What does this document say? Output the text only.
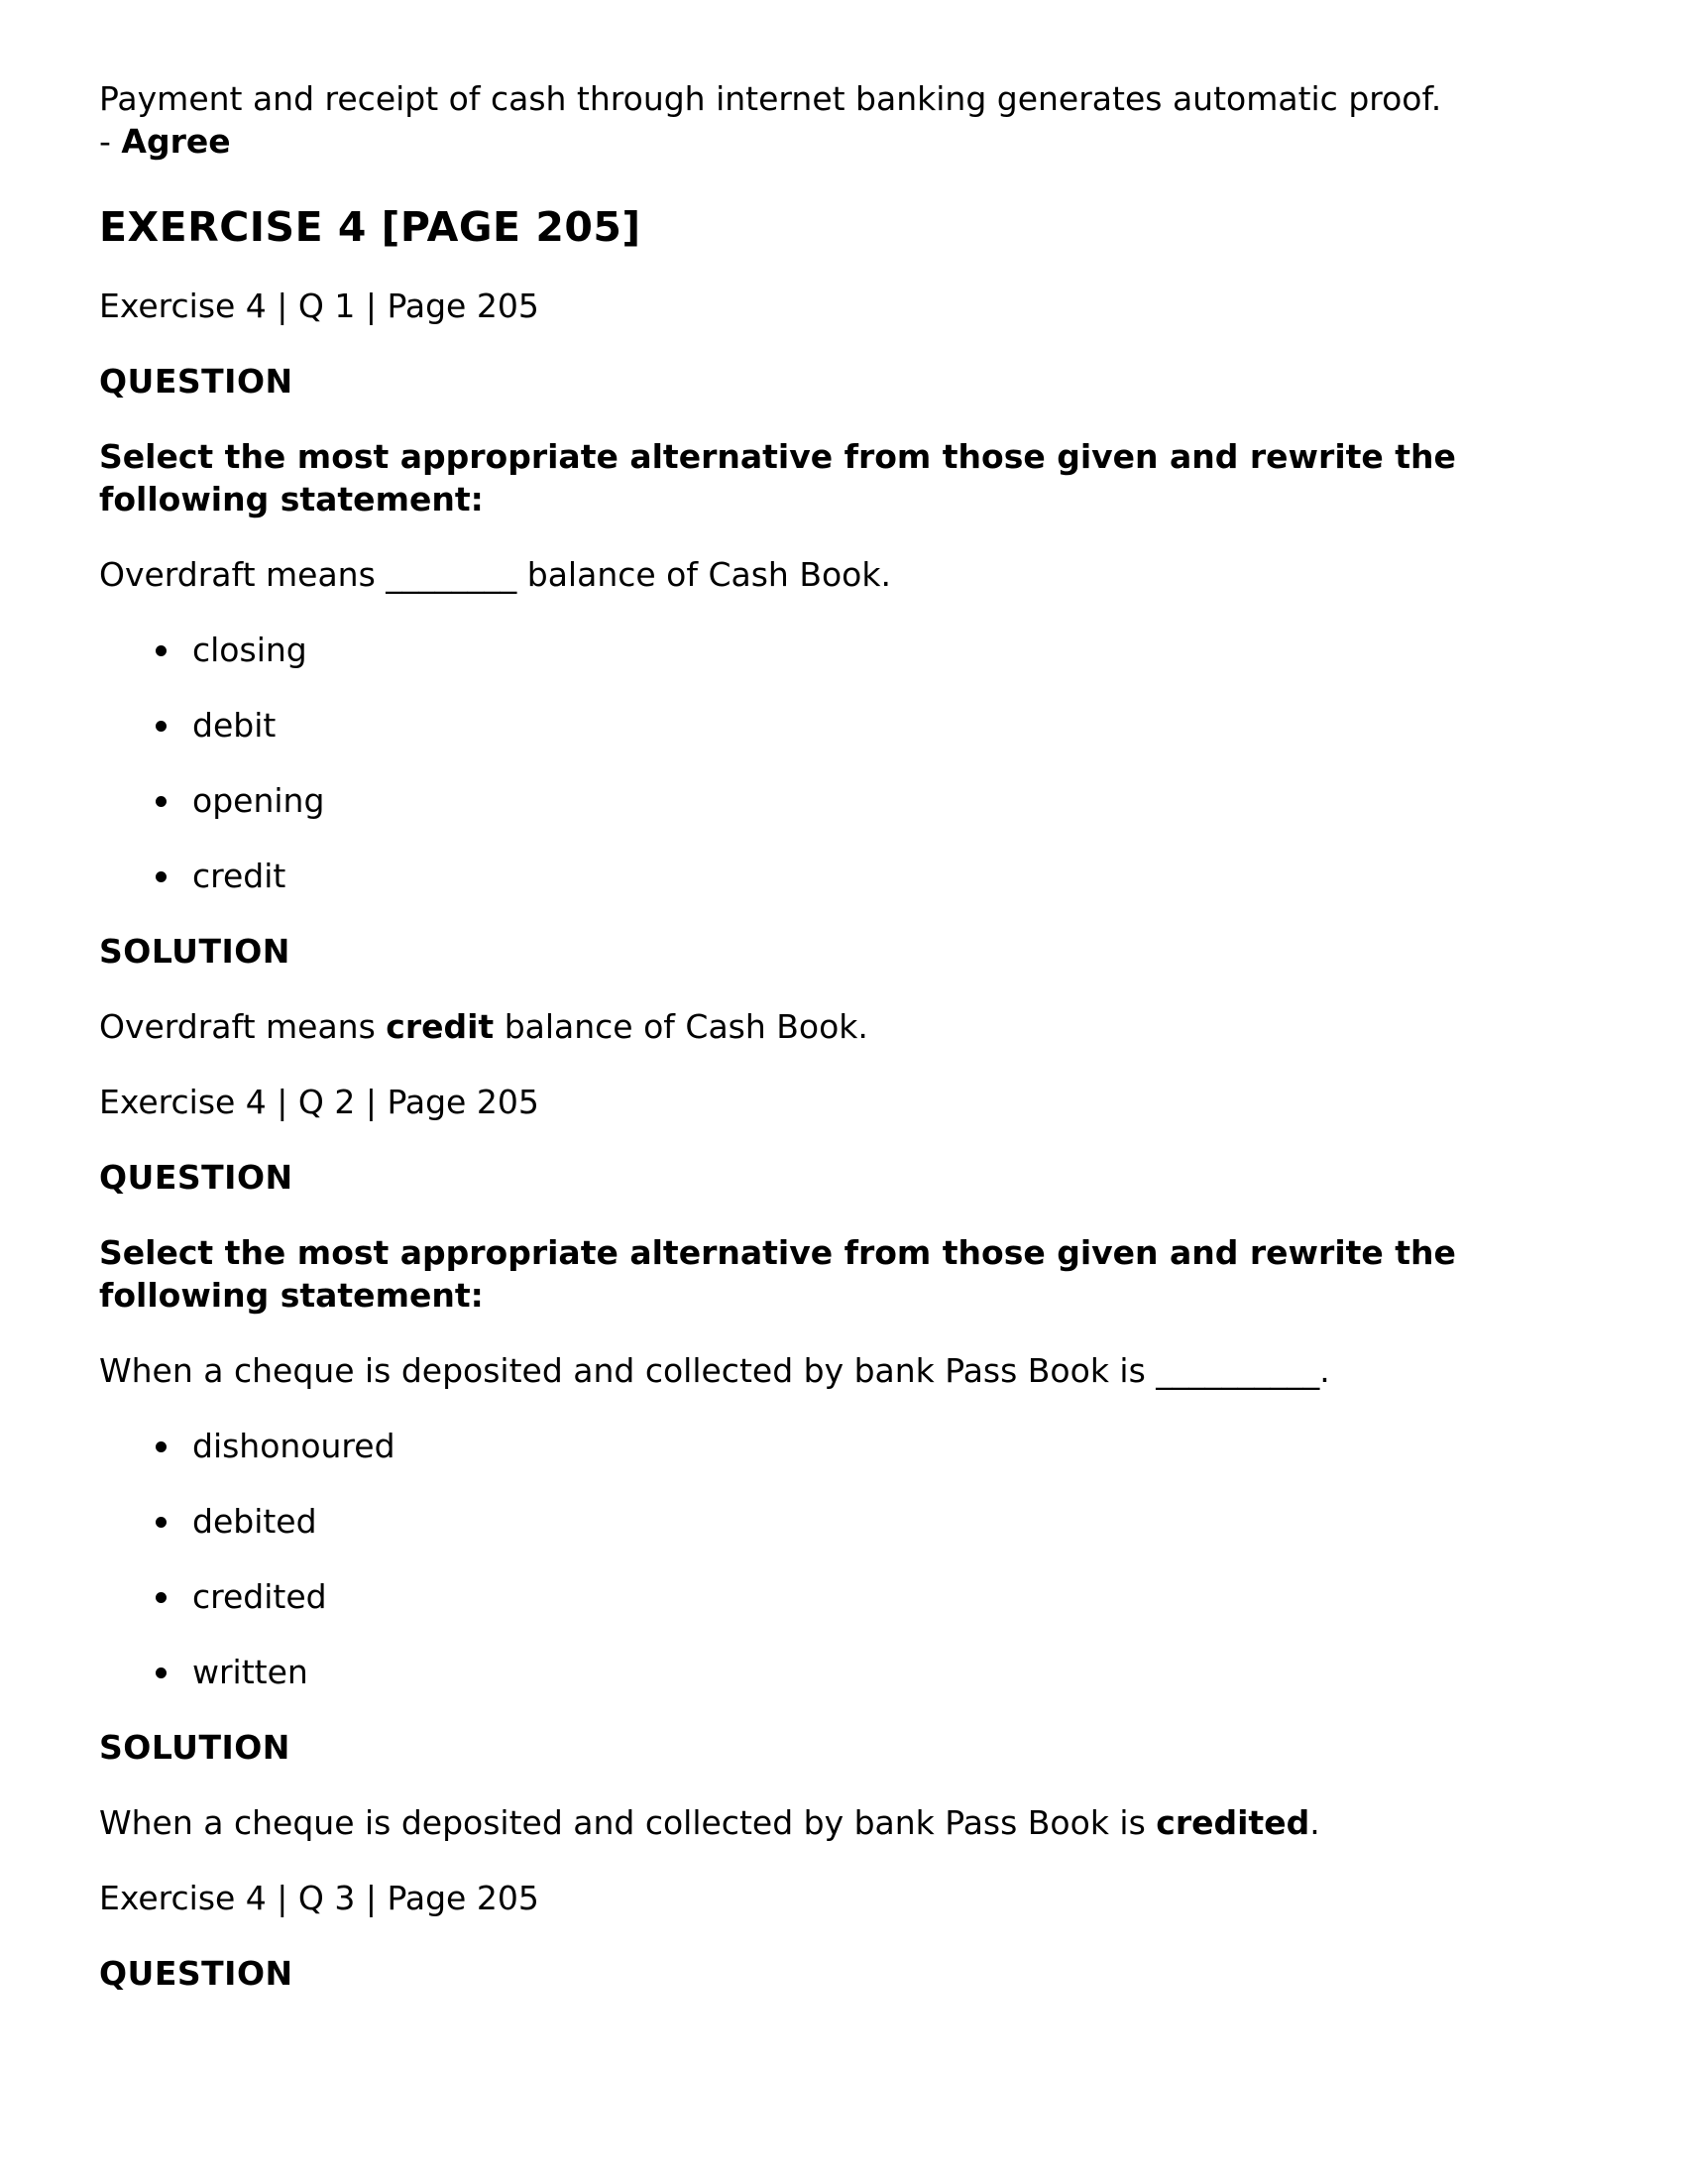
Payment and receipt of cash through internet banking generates automatic proof.

- Agree

EXERCISE 4 [PAGE 205]

Exercise 4 | Q 1 | Page 205

QUESTION

Select the most appropriate alternative from those given and rewrite the following statement:

Overdraft means ________ balance of Cash Book.

closing
debit
opening
credit

SOLUTION

Overdraft means credit balance of Cash Book.

Exercise 4 | Q 2 | Page 205

QUESTION

Select the most appropriate alternative from those given and rewrite the following statement:

When a cheque is deposited and collected by bank Pass Book is __________.

dishonoured
debited
credited
written

SOLUTION

When a cheque is deposited and collected by bank Pass Book is credited.

Exercise 4 | Q 3 | Page 205

QUESTION
